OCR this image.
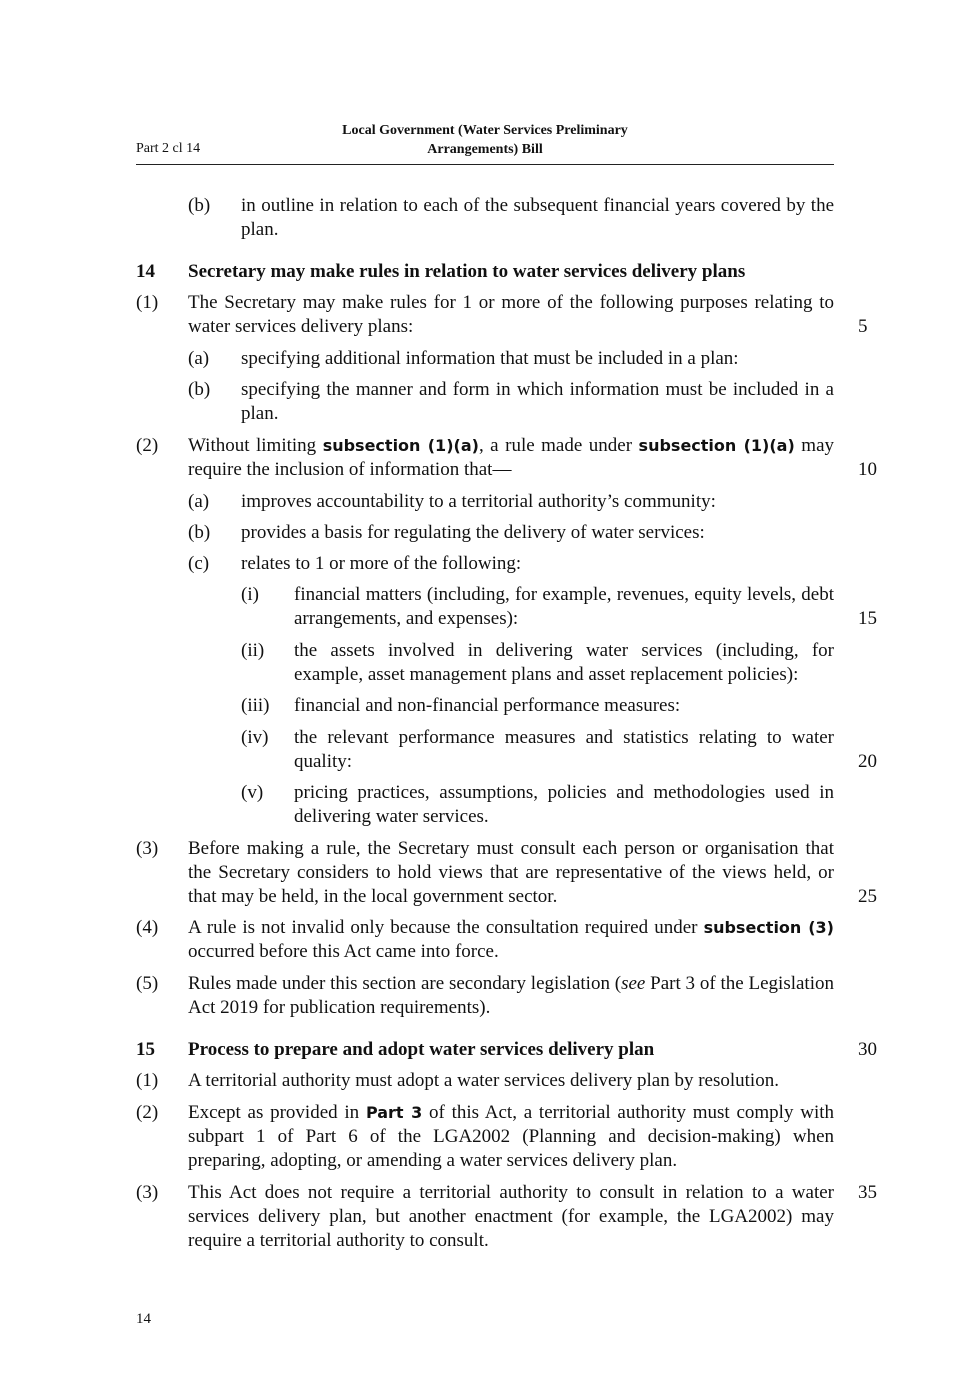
Part 2 cl 14
Local Government (Water Services Preliminary
Arrangements) Bill
(b) in outline in relation to each of the subsequent financial years covered by the plan.
14 Secretary may make rules in relation to water services delivery plans
(1) The Secretary may make rules for 1 or more of the following purposes relating to water services delivery plans:
(a) specifying additional information that must be included in a plan:
(b) specifying the manner and form in which information must be included in a plan.
(2) Without limiting subsection (1)(a), a rule made under subsection (1)(a) may require the inclusion of information that—
(a) improves accountability to a territorial authority’s community:
(b) provides a basis for regulating the delivery of water services:
(c) relates to 1 or more of the following:
(i) financial matters (including, for example, revenues, equity levels, debt arrangements, and expenses):
(ii) the assets involved in delivering water services (including, for example, asset management plans and asset replacement policies):
(iii) financial and non-financial performance measures:
(iv) the relevant performance measures and statistics relating to water quality:
(v) pricing practices, assumptions, policies and methodologies used in delivering water services.
(3) Before making a rule, the Secretary must consult each person or organisation that the Secretary considers to hold views that are representative of the views held, or that may be held, in the local government sector.
(4) A rule is not invalid only because the consultation required under subsection (3) occurred before this Act came into force.
(5) Rules made under this section are secondary legislation (see Part 3 of the Legislation Act 2019 for publication requirements).
15 Process to prepare and adopt water services delivery plan
(1) A territorial authority must adopt a water services delivery plan by resolution.
(2) Except as provided in Part 3 of this Act, a territorial authority must comply with subpart 1 of Part 6 of the LGA2002 (Planning and decision-making) when preparing, adopting, or amending a water services delivery plan.
(3) This Act does not require a territorial authority to consult in relation to a water services delivery plan, but another enactment (for example, the LGA2002) may require a territorial authority to consult.
5
10
15
20
25
30
35
14
